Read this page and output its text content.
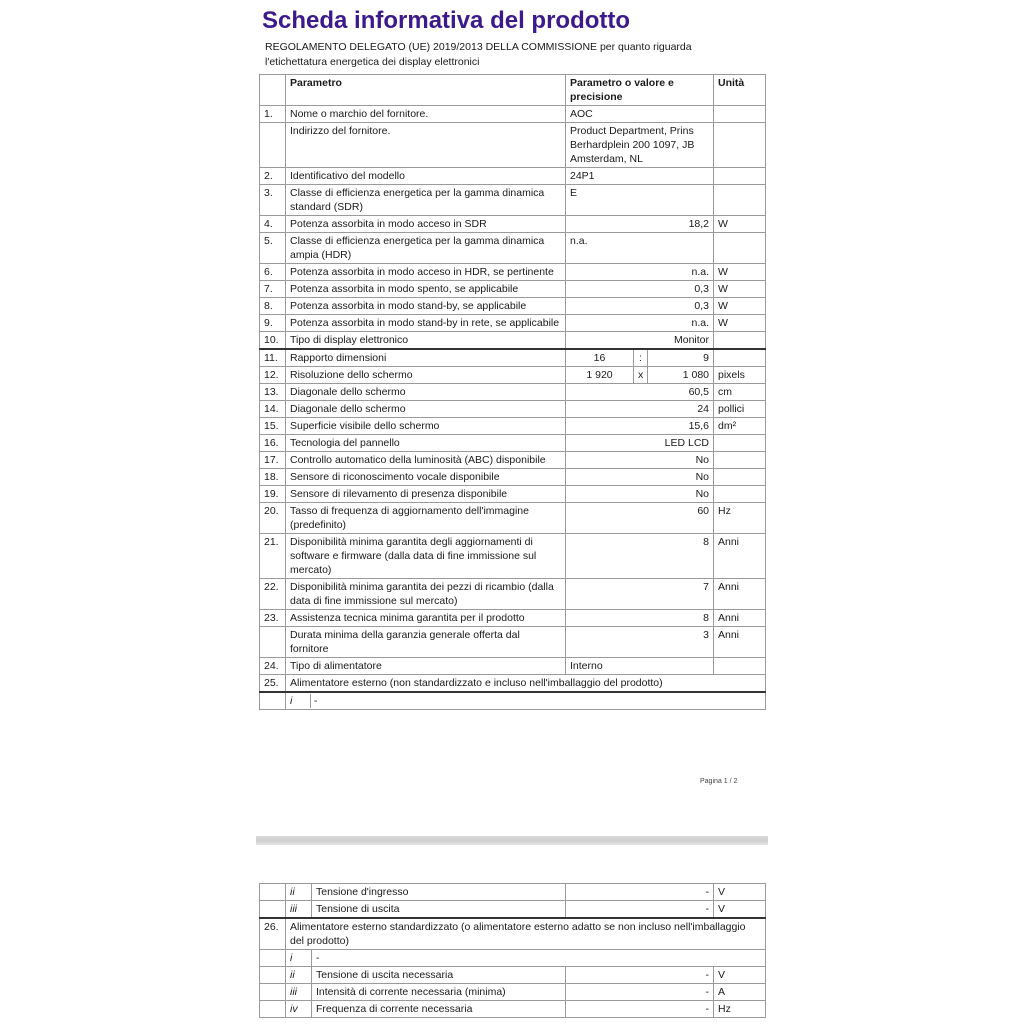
Scheda informativa del prodotto
REGOLAMENTO DELEGATO (UE) 2019/2013 DELLA COMMISSIONE per quanto riguarda
l'etichettatura energetica dei display elettronici
	Parametro	Parametro o valore e precisione			Unità
1.	Nome o marchio del fornitore.	AOC			
	Indirizzo del fornitore.	Product Department, Prins Berhardplein 200 1097, JB Amsterdam, NL			
2.	Identificativo del modello	24P1			
3.	Classe di efficienza energetica per la gamma dinamica standard (SDR)	E			
4.	Potenza assorbita in modo acceso in SDR	18,2			W
5.	Classe di efficienza energetica per la gamma dinamica ampia (HDR)	n.a.			
6.	Potenza assorbita in modo acceso in HDR, se pertinente	n.a.			W
7.	Potenza assorbita in modo spento, se applicabile	0,3			W
8.	Potenza assorbita in modo stand-by, se applicabile	0,3			W
9.	Potenza assorbita in modo stand-by in rete, se applicabile	n.a.			W
10.	Tipo di display elettronico	Monitor			
11.	Rapporto dimensioni	16	:	9	
12.	Risoluzione dello schermo	1 920	x	1 080	pixels
13.	Diagonale dello schermo	60,5			cm
14.	Diagonale dello schermo	24			pollici
15.	Superficie visibile dello schermo	15,6			dm²
16.	Tecnologia del pannello	LED LCD			
17.	Controllo automatico della luminosità (ABC) disponibile	No			
18.	Sensore di riconoscimento vocale disponibile	No			
19.	Sensore di rilevamento di presenza disponibile	No			
20.	Tasso di frequenza di aggiornamento dell'immagine (predefinito)	60			Hz
21.	Disponibilità minima garantita degli aggiornamenti di software e firmware (dalla data di fine immissione sul mercato)	8			Anni
22.	Disponibilità minima garantita dei pezzi di ricambio (dalla data di fine immissione sul mercato)	7			Anni
23.	Assistenza tecnica minima garantita per il prodotto	8			Anni
	Durata minima della garanzia generale offerta dal fornitore	3			Anni
24.	Tipo di alimentatore	Interno			
25.	Alimentatore esterno (non standardizzato e incluso nell'imballaggio del prodotto)				
	i -				
Pagina 1 / 2
	ii	Tensione d'ingresso	-	V
	iii	Tensione di uscita	-	V
26.	Alimentatore esterno standardizzato (o alimentatore esterno adatto se non incluso nell'imballaggio del prodotto)			
	i	-		
	ii	Tensione di uscita necessaria	-	V
	iii	Intensità di corrente necessaria (minima)	-	A
	iv	Frequenza di corrente necessaria	-	Hz
